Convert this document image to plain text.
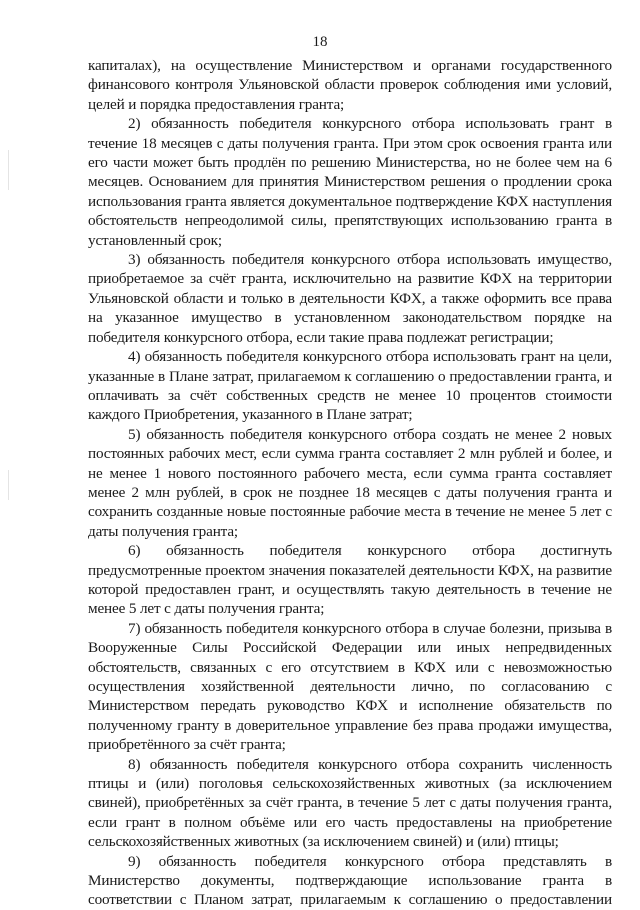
18

капиталах), на осуществление Министерством и органами государственного финансового контроля Ульяновской области проверок соблюдения ими условий, целей и порядка предоставления гранта;

2) обязанность победителя конкурсного отбора использовать грант в течение 18 месяцев с даты получения гранта. При этом срок освоения гранта или его части может быть продлён по решению Министерства, но не более чем на 6 месяцев. Основанием для принятия Министерством решения о продлении срока использования гранта является документальное подтверждение КФХ наступления обстоятельств непреодолимой силы, препятствующих использованию гранта в установленный срок;

3) обязанность победителя конкурсного отбора использовать имущество, приобретаемое за счёт гранта, исключительно на развитие КФХ на территории Ульяновской области и только в деятельности КФХ, а также оформить все права на указанное имущество в установленном законодательством порядке на победителя конкурсного отбора, если такие права подлежат регистрации;

4) обязанность победителя конкурсного отбора использовать грант на цели, указанные в Плане затрат, прилагаемом к соглашению о предоставлении гранта, и оплачивать за счёт собственных средств не менее 10 процентов стоимости каждого Приобретения, указанного в Плане затрат;

5) обязанность победителя конкурсного отбора создать не менее 2 новых постоянных рабочих мест, если сумма гранта составляет 2 млн рублей и более, и не менее 1 нового постоянного рабочего места, если сумма гранта составляет менее 2 млн рублей, в срок не позднее 18 месяцев с даты получения гранта и сохранить созданные новые постоянные рабочие места в течение не менее 5 лет с даты получения гранта;

6) обязанность победителя конкурсного отбора достигнуть предусмотренные проектом значения показателей деятельности КФХ, на развитие которой предоставлен грант, и осуществлять такую деятельность в течение не менее 5 лет с даты получения гранта;

7) обязанность победителя конкурсного отбора в случае болезни, призыва в Вооруженные Силы Российской Федерации или иных непредвиденных обстоятельств, связанных с его отсутствием в КФХ или с невозможностью осуществления хозяйственной деятельности лично, по согласованию с Министерством передать руководство КФХ и исполнение обязательств по полученному гранту в доверительное управление без права продажи имущества, приобретённого за счёт гранта;

8) обязанность победителя конкурсного отбора сохранить численность птицы и (или) поголовья сельскохозяйственных животных (за исключением свиней), приобретённых за счёт гранта, в течение 5 лет с даты получения гранта, если грант в полном объёме или его часть предоставлены на приобретение сельскохозяйственных животных (за исключением свиней) и (или) птицы;

9) обязанность победителя конкурсного отбора представлять в Министерство документы, подтверждающие использование гранта в соответствии с Планом затрат, прилагаемым к соглашению о предоставлении
